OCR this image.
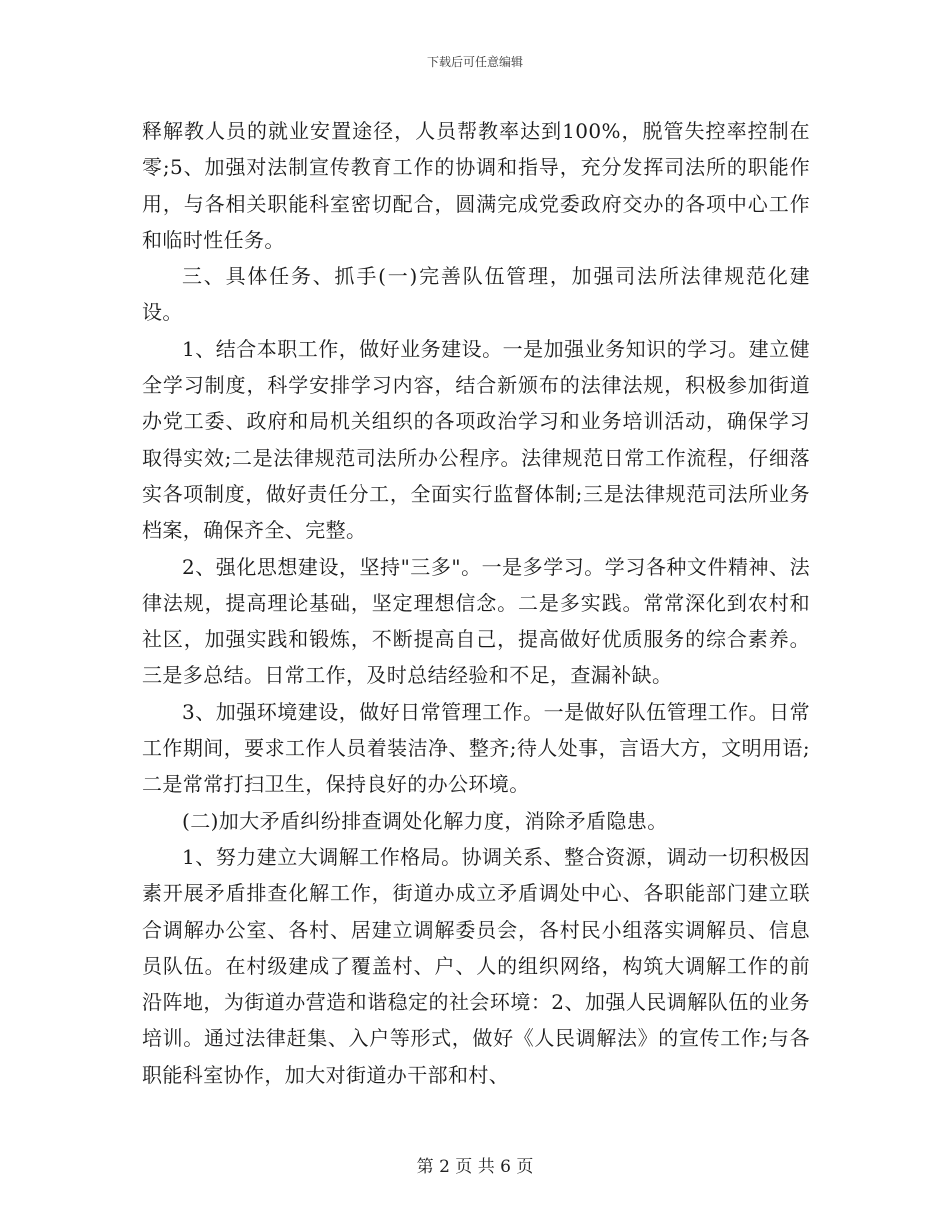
下载后可任意编辑

释解教人员的就业安置途径，人员帮教率达到100%，脱管失控率控制在零;5、加强对法制宣传教育工作的协调和指导，充分发挥司法所的职能作用，与各相关职能科室密切配合，圆满完成党委政府交办的各项中心工作和临时性任务。

三、具体任务、抓手(一)完善队伍管理，加强司法所法律规范化建设。

1、结合本职工作，做好业务建设。一是加强业务知识的学习。建立健全学习制度，科学安排学习内容，结合新颁布的法律法规，积极参加街道办党工委、政府和局机关组织的各项政治学习和业务培训活动，确保学习取得实效;二是法律规范司法所办公程序。法律规范日常工作流程，仔细落实各项制度，做好责任分工，全面实行监督体制;三是法律规范司法所业务档案，确保齐全、完整。

2、强化思想建设，坚持"三多"。一是多学习。学习各种文件精神、法律法规，提高理论基础，坚定理想信念。二是多实践。常常深化到农村和社区，加强实践和锻炼，不断提高自己，提高做好优质服务的综合素养。三是多总结。日常工作，及时总结经验和不足，查漏补缺。

3、加强环境建设，做好日常管理工作。一是做好队伍管理工作。日常工作期间，要求工作人员着装洁净、整齐;待人处事，言语大方，文明用语;二是常常打扫卫生，保持良好的办公环境。

(二)加大矛盾纠纷排查调处化解力度，消除矛盾隐患。

1、努力建立大调解工作格局。协调关系、整合资源，调动一切积极因素开展矛盾排查化解工作，街道办成立矛盾调处中心、各职能部门建立联合调解办公室、各村、居建立调解委员会，各村民小组落实调解员、信息员队伍。在村级建成了覆盖村、户、人的组织网络，构筑大调解工作的前沿阵地，为街道办营造和谐稳定的社会环境：2、加强人民调解队伍的业务培训。通过法律赶集、入户等形式，做好《人民调解法》的宣传工作;与各职能科室协作，加大对街道办干部和村、

第 2 页 共 6 页
